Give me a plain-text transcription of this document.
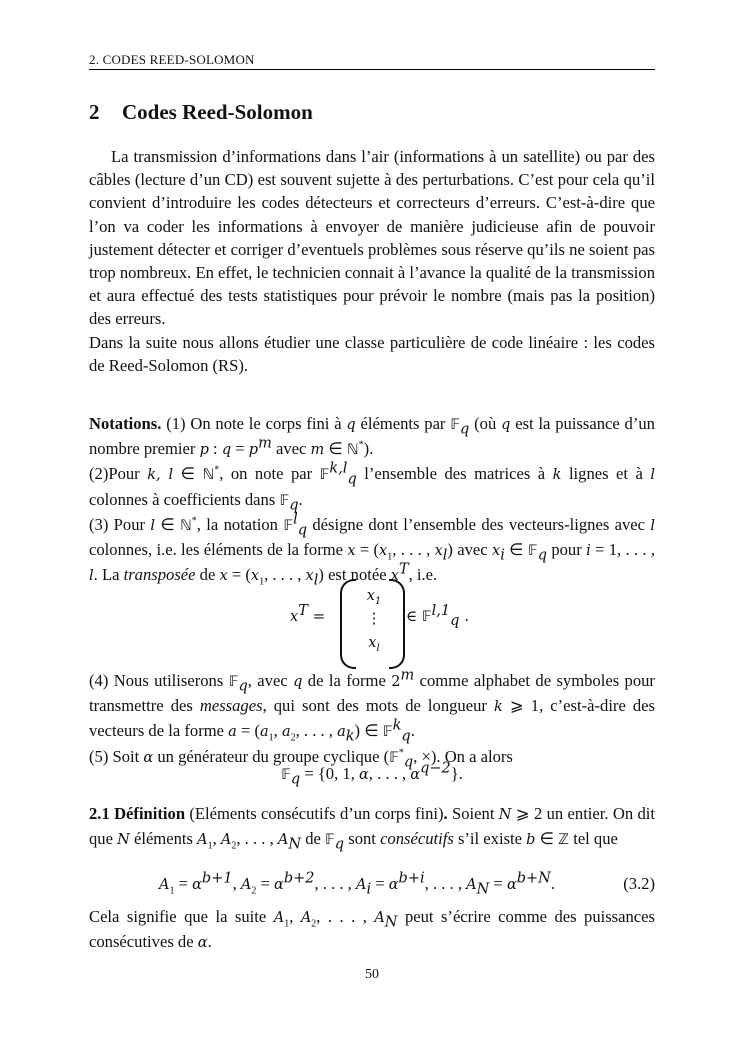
2. CODES REED-SOLOMON
2 Codes Reed-Solomon

La transmission d’informations dans l’air (informations à un satellite) ou par des câbles (lecture d’un CD) est souvent sujette à des perturbations. C’est pour cela qu’il convient d’introduire les codes détecteurs et correcteurs d’erreurs. C’est-à-dire que l’on va coder les informations à envoyer de manière judicieuse afin de pouvoir justement détecter et corriger d’eventuels problèmes sous réserve qu’ils ne soient pas trop nombreux. En effet, le technicien connait à l’avance la qualité de la transmission et aura effectué des tests statistiques pour prévoir le nombre (mais pas la position) des erreurs.

Dans la suite nous allons étudier une classe particulière de code linéaire : les codes de Reed-Solomon (RS).

Notations. (1) On note le corps fini à q éléments par 𝔽$_q$ (où q est la puissance d’un nombre premier p : $q = p^m$ avec m ∈ ℕ*).

(2)Pour k, l ∈ ℕ*, on note par 𝔽$^{k,l}_q$ l’ensemble des matrices à k lignes et à l colonnes à coefficients dans 𝔽$_q$.

(3) Pour l ∈ ℕ*, la notation 𝔽$^l_q$ désigne dont l’ensemble des vecteurs-lignes avec l colonnes, i.e. les éléments de la forme $x = (x_1$, . . . , $x_l$) avec $x_i$ ∈ 𝔽$_q$ pour i = 1, . . . , l. La transposée de $x = (x_1$, . . . , $x_l$) est notée $x^T$, i.e.

$x^T$ =
$x_1$
⋮
$x_l$
∈ 𝔽$^{l,1}_q$ .

(4) Nous utiliserons 𝔽$_q$, avec q de la forme 2$^m$ comme alphabet de symboles pour transmettre des messages, qui sont des mots de longueur k ⩾ 1, c’est-à-dire des vecteurs de la forme $a = (a_1$, $a_2$, . . . , $a_k$) ∈ 𝔽$^k_q$.

(5) Soit α un générateur du groupe cyclique (𝔽*$_q$, ×). On a alors

𝔽$_q$ = {0, 1, α, . . . , $\alpha^{q-2}$}.

2.1 Définition (Eléments consécutifs d’un corps fini). Soient N ⩾ 2 un entier. On dit que N éléments $A_1$, $A_2$, . . . , $A_N$ de 𝔽$_q$ sont consécutifs s’il existe b ∈ ℤ tel que

$A_1 = \alpha^{b+1}$, $A_2 = \alpha^{b+2}$, . . . , $A_i = \alpha^{b+i}$, . . . , $A_N = \alpha^{b+N}$.	(3.2)

Cela signifie que la suite $A_1$, $A_2$, . . . , $A_N$ peut s’écrire comme des puissances consécutives de α.

50
